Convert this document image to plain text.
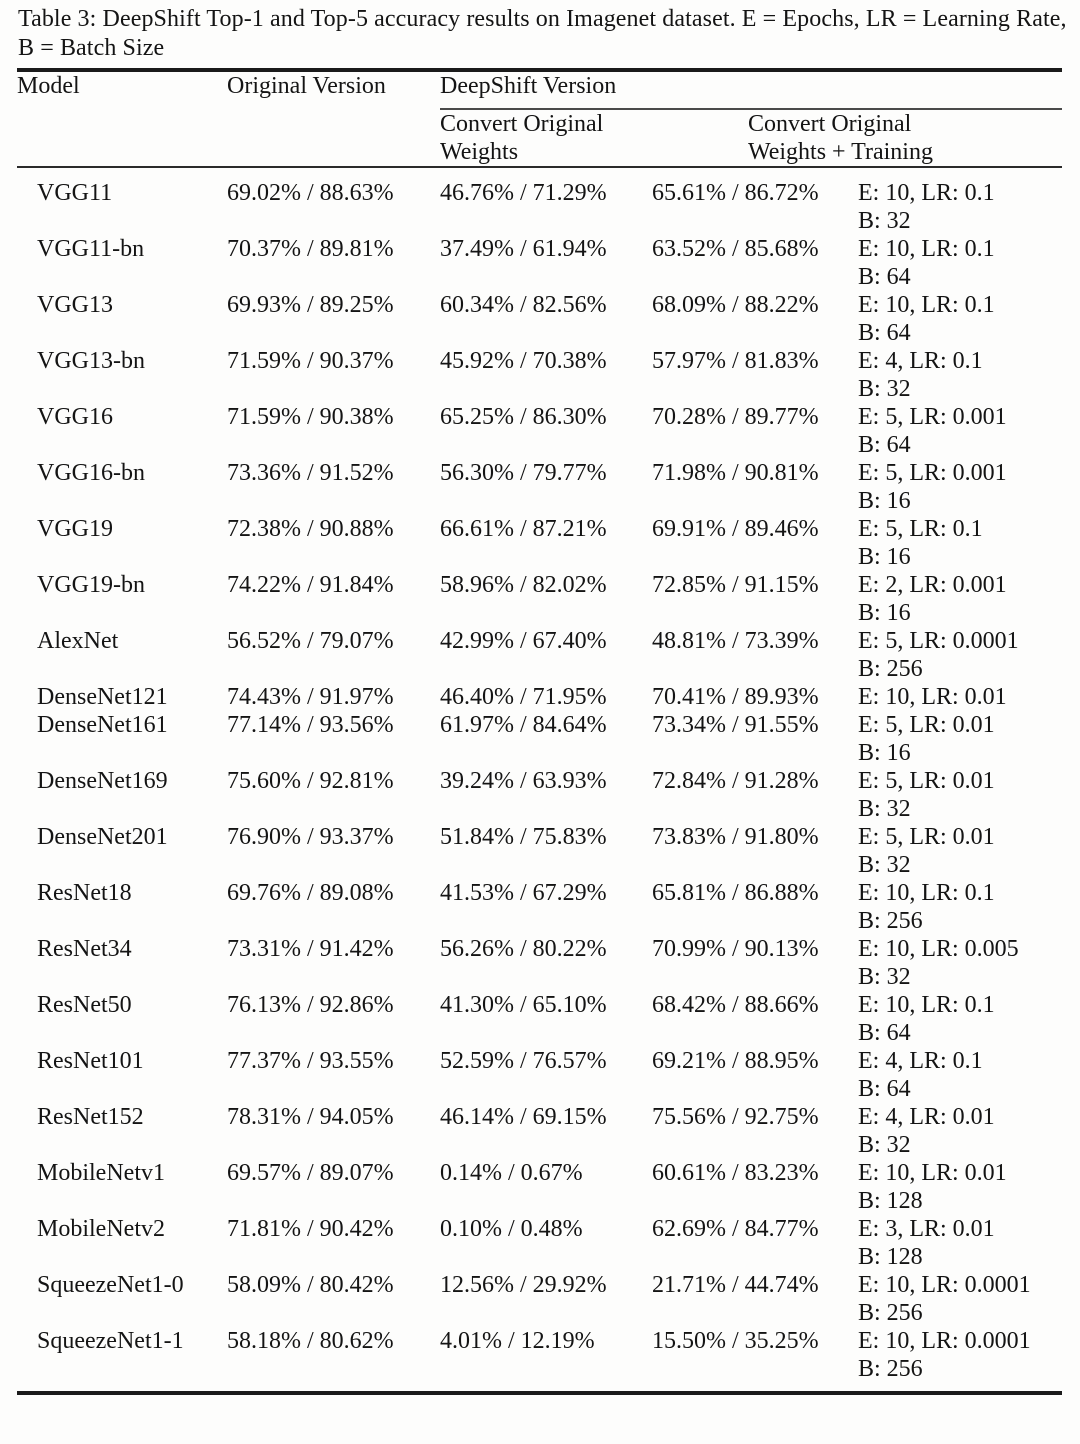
Table 3: DeepShift Top-1 and Top-5 accuracy results on Imagenet dataset. E = Epochs, LR = Learning Rate, B = Batch Size

Model	Original Version	DeepShift Version		

		Convert Original Weights	Convert Original Weights + Training	

VGG11	69.02% / 88.63%	46.76% / 71.29%	65.61% / 86.72%	E: 10, LR: 0.1
B: 32

VGG11-bn	70.37% / 89.81%	37.49% / 61.94%	63.52% / 85.68%	E: 10, LR: 0.1
B: 64

VGG13	69.93% / 89.25%	60.34% / 82.56%	68.09% / 88.22%	E: 10, LR: 0.1
B: 64

VGG13-bn	71.59% / 90.37%	45.92% / 70.38%	57.97% / 81.83%	E: 4, LR: 0.1
B: 32

VGG16	71.59% / 90.38%	65.25% / 86.30%	70.28% / 89.77%	E: 5, LR: 0.001
B: 64

VGG16-bn	73.36% / 91.52%	56.30% / 79.77%	71.98% / 90.81%	E: 5, LR: 0.001
B: 16

VGG19	72.38% / 90.88%	66.61% / 87.21%	69.91% / 89.46%	E: 5, LR: 0.1
B: 16

VGG19-bn	74.22% / 91.84%	58.96% / 82.02%	72.85% / 91.15%	E: 2, LR: 0.001
B: 16

AlexNet	56.52% / 79.07%	42.99% / 67.40%	48.81% / 73.39%	E: 5, LR: 0.0001
B: 256

DenseNet121	74.43% / 91.97%	46.40% / 71.95%	70.41% / 89.93%	E: 10, LR: 0.01

DenseNet161	77.14% / 93.56%	61.97% / 84.64%	73.34% / 91.55%	E: 5, LR: 0.01
B: 16

DenseNet169	75.60% / 92.81%	39.24% / 63.93%	72.84% / 91.28%	E: 5, LR: 0.01
B: 32

DenseNet201	76.90% / 93.37%	51.84% / 75.83%	73.83% / 91.80%	E: 5, LR: 0.01
B: 32

ResNet18	69.76% / 89.08%	41.53% / 67.29%	65.81% / 86.88%	E: 10, LR: 0.1
B: 256

ResNet34	73.31% / 91.42%	56.26% / 80.22%	70.99% / 90.13%	E: 10, LR: 0.005
B: 32

ResNet50	76.13% / 92.86%	41.30% / 65.10%	68.42% / 88.66%	E: 10, LR: 0.1
B: 64

ResNet101	77.37% / 93.55%	52.59% / 76.57%	69.21% / 88.95%	E: 4, LR: 0.1
B: 64

ResNet152	78.31% / 94.05%	46.14% / 69.15%	75.56% / 92.75%	E: 4, LR: 0.01
B: 32

MobileNetv1	69.57% / 89.07%	0.14% / 0.67%	60.61% / 83.23%	E: 10, LR: 0.01
B: 128

MobileNetv2	71.81% / 90.42%	0.10% / 0.48%	62.69% / 84.77%	E: 3, LR: 0.01
B: 128

SqueezeNet1-0	58.09% / 80.42%	12.56% / 29.92%	21.71% / 44.74%	E: 10, LR: 0.0001
B: 256

SqueezeNet1-1	58.18% / 80.62%	4.01% / 12.19%	15.50% / 35.25%	E: 10, LR: 0.0001
B: 256
